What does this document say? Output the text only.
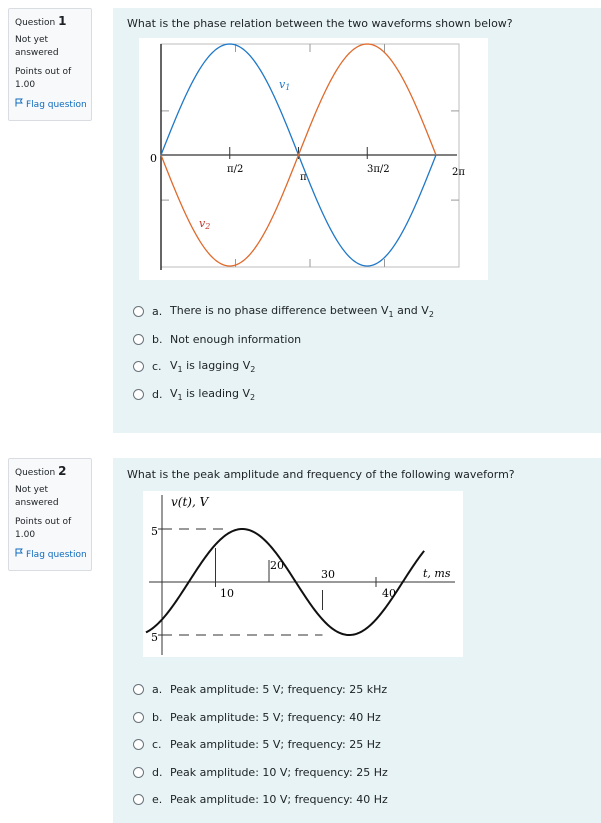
Question 1
Not yet answered
Points out of 1.00
Flag question
What is the phase relation between the two waveforms shown below?
0
π/2
π
3π/2	2π
v1
v2
a. There is no phase difference between $V_1$ and $V_2$
b. Not enough information
c. $V_1$ is lagging $V_2$
d. $V_1$ is leading $V_2$
Question 2
Not yet answered
Points out of 1.00
Flag question
What is the peak amplitude and frequency of the following waveform?
v(t), V
t, ms
5
5
10
20
30
40
a. Peak amplitude: 5 V; frequency: 25 kHz
b. Peak amplitude: 5 V; frequency: 40 Hz
c. Peak amplitude: 5 V; frequency: 25 Hz
d. Peak amplitude: 10 V; frequency: 25 Hz
e. Peak amplitude: 10 V; frequency: 40 Hz
